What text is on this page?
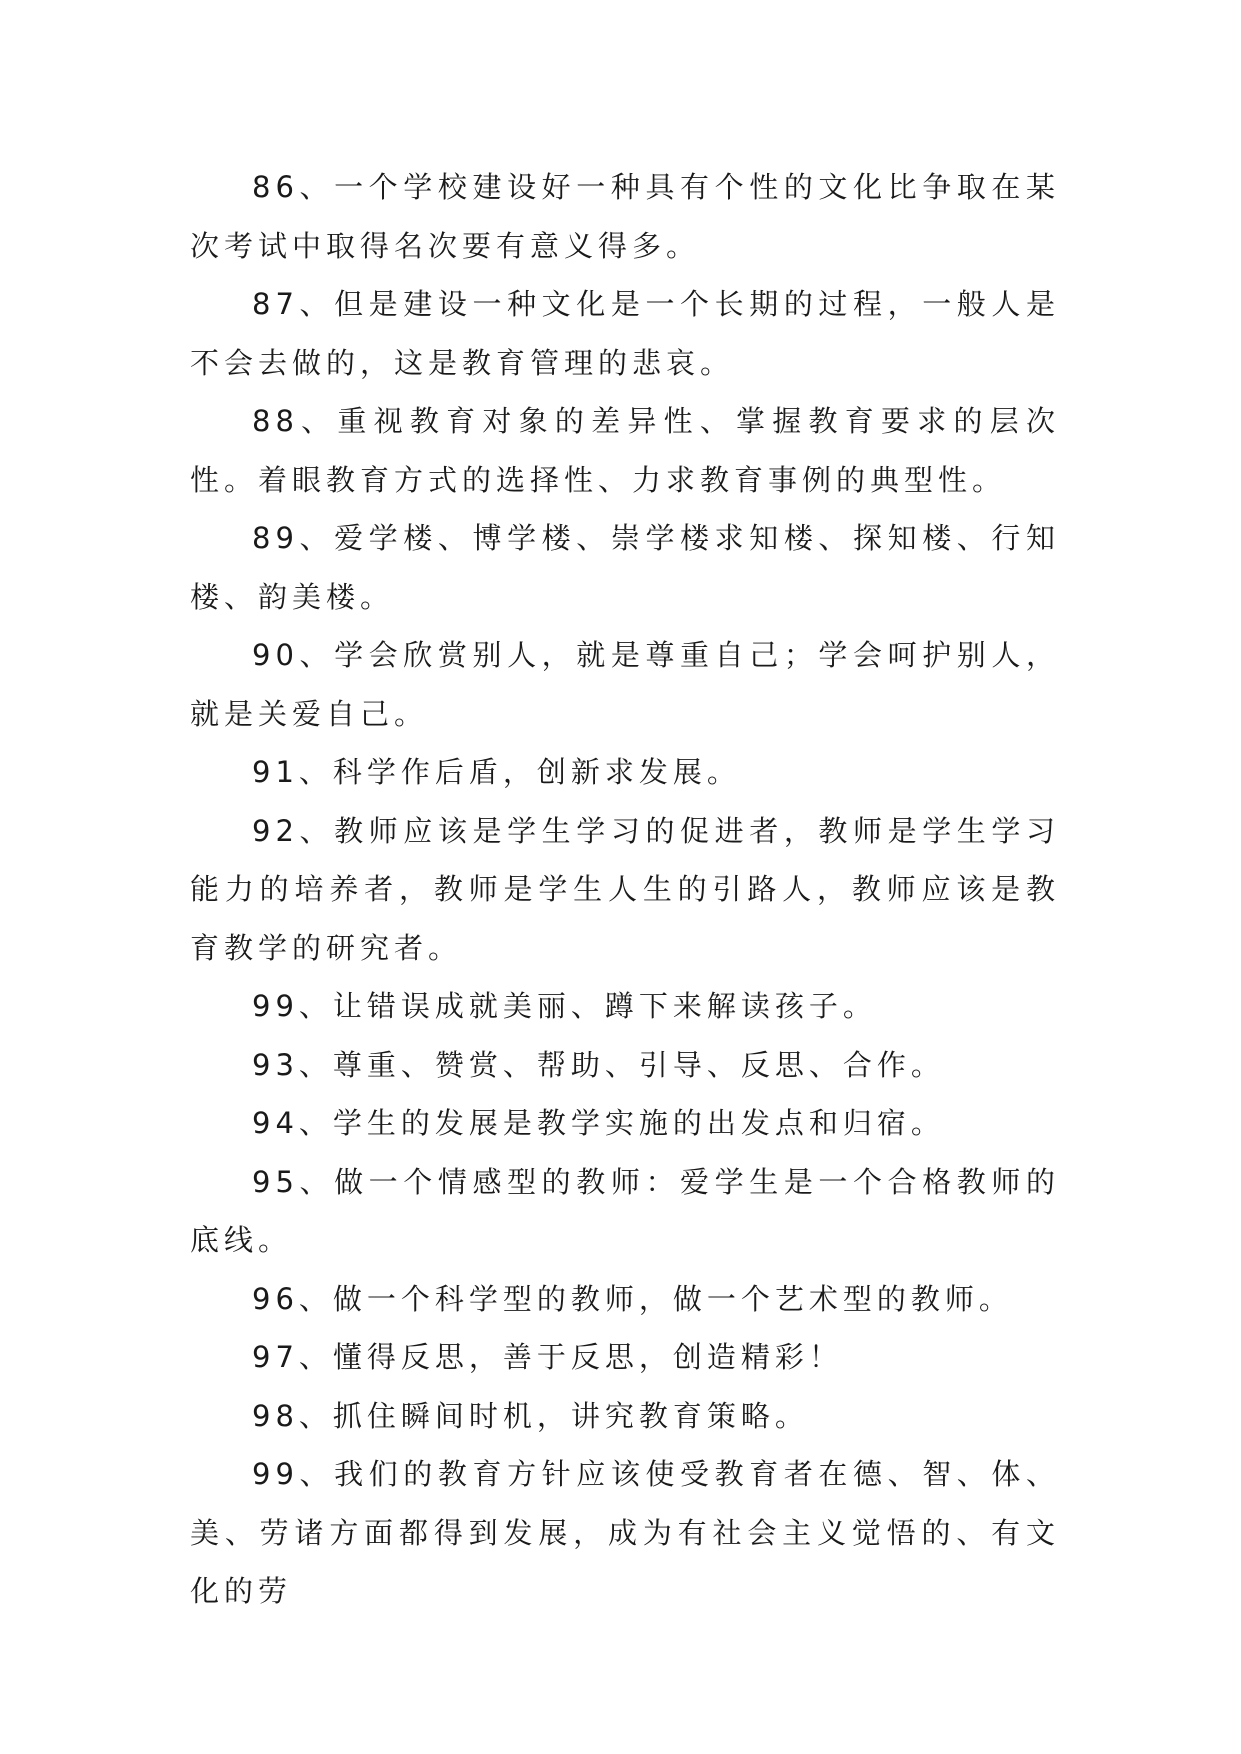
86、一个学校建设好一种具有个性的文化比争取在某次考试中取得名次要有意义得多。

87、但是建设一种文化是一个长期的过程，一般人是不会去做的，这是教育管理的悲哀。

88、重视教育对象的差异性、掌握教育要求的层次性。着眼教育方式的选择性、力求教育事例的典型性。

89、爱学楼、博学楼、崇学楼求知楼、探知楼、行知楼、韵美楼。

90、学会欣赏别人，就是尊重自己；学会呵护别人，就是关爱自己。

91、科学作后盾，创新求发展。

92、教师应该是学生学习的促进者，教师是学生学习能力的培养者，教师是学生人生的引路人，教师应该是教育教学的研究者。

99、让错误成就美丽、蹲下来解读孩子。

93、尊重、赞赏、帮助、引导、反思、合作。

94、学生的发展是教学实施的出发点和归宿。

95、做一个情感型的教师：爱学生是一个合格教师的底线。

96、做一个科学型的教师，做一个艺术型的教师。

97、懂得反思，善于反思，创造精彩！

98、抓住瞬间时机，讲究教育策略。

99、我们的教育方针应该使受教育者在德、智、体、美、劳诸方面都得到发展，成为有社会主义觉悟的、有文化的劳
